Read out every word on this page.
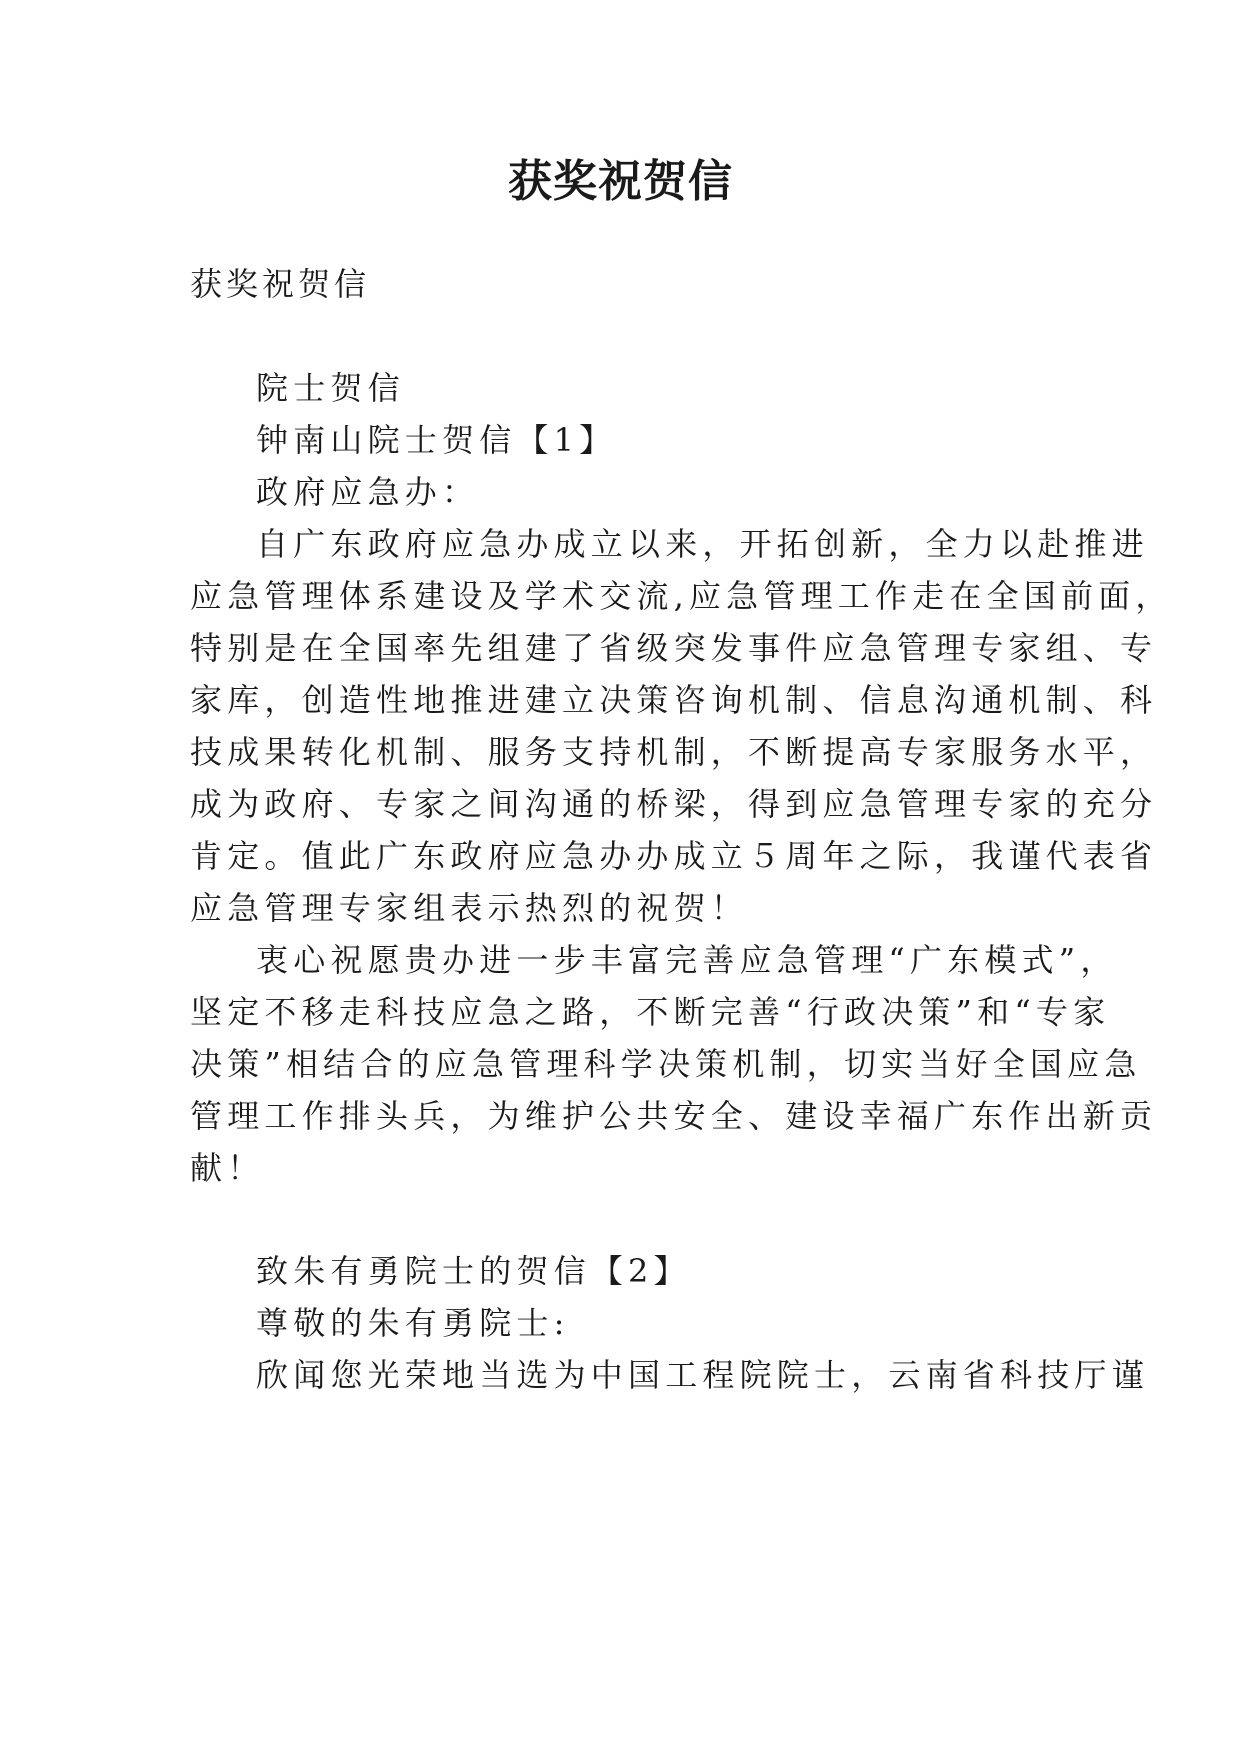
获奖祝贺信

获奖祝贺信

院士贺信

钟南山院士贺信【1】

政府应急办：

自广东政府应急办成立以来，开拓创新，全力以赴推进

应急管理体系建设及学术交流,应急管理工作走在全国前面，

特别是在全国率先组建了省级突发事件应急管理专家组、专

家库，创造性地推进建立决策咨询机制、信息沟通机制、科

技成果转化机制、服务支持机制，不断提高专家服务水平，

成为政府、专家之间沟通的桥梁，得到应急管理专家的充分

肯定。值此广东政府应急办办成立５周年之际，我谨代表省

应急管理专家组表示热烈的祝贺！

衷心祝愿贵办进一步丰富完善应急管理“广东模式”，

坚定不移走科技应急之路，不断完善“行政决策”和“专家

决策”相结合的应急管理科学决策机制，切实当好全国应急

管理工作排头兵，为维护公共安全、建设幸福广东作出新贡

献！

致朱有勇院士的贺信【2】

尊敬的朱有勇院士:

欣闻您光荣地当选为中国工程院院士，云南省科技厅谨
